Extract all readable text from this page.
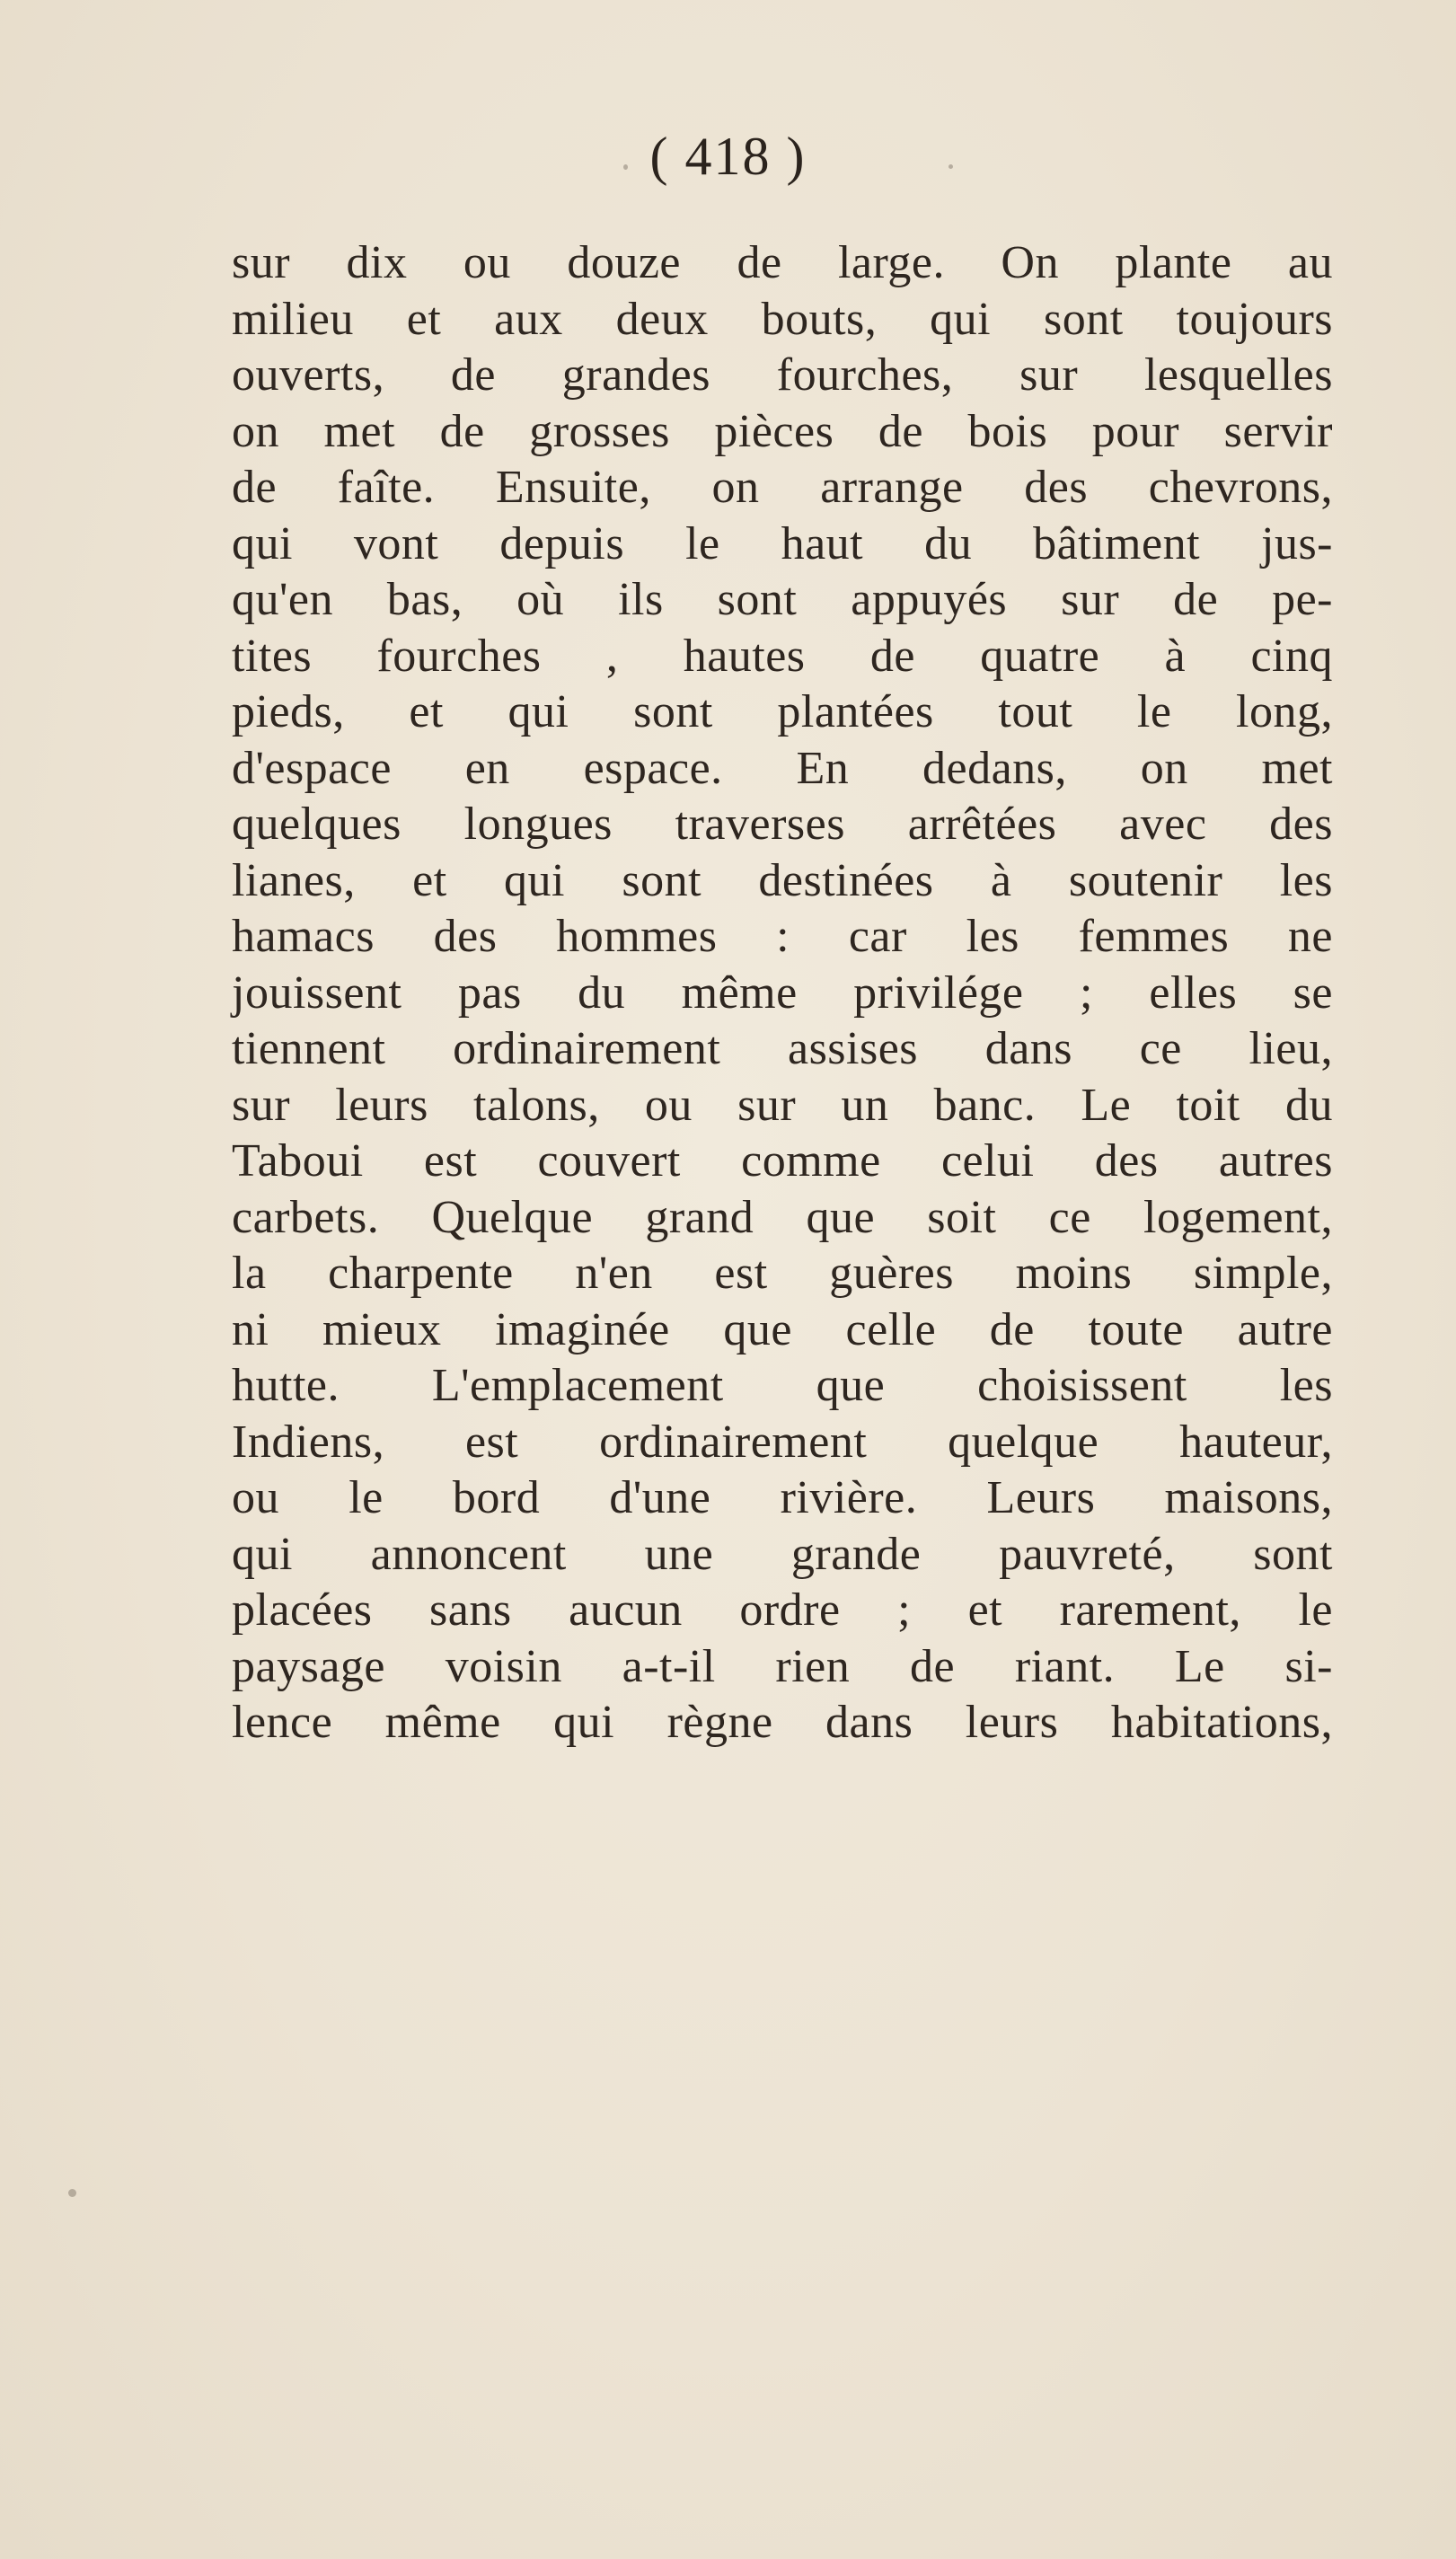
( 418 )
sur dix ou douze de large. On plante au
milieu et aux deux bouts, qui sont toujours
ouverts, de grandes fourches, sur lesquelles
on met de grosses pièces de bois pour servir
de faîte. Ensuite, on arrange des chevrons,
qui vont depuis le haut du bâtiment jus-
qu'en bas, où ils sont appuyés sur de pe-
tites fourches , hautes de quatre à cinq
pieds, et qui sont plantées tout le long,
d'espace en espace. En dedans, on met
quelques longues traverses arrêtées avec des
lianes, et qui sont destinées à soutenir les
hamacs des hommes : car les femmes ne
jouissent pas du même privilége ; elles se
tiennent ordinairement assises dans ce lieu,
sur leurs talons, ou sur un banc. Le toit du
Taboui est couvert comme celui des autres
carbets. Quelque grand que soit ce logement,
la charpente n'en est guères moins simple,
ni mieux imaginée que celle de toute autre
hutte. L'emplacement que choisissent les
Indiens, est ordinairement quelque hauteur,
ou le bord d'une rivière. Leurs maisons,
qui annoncent une grande pauvreté, sont
placées sans aucun ordre ; et rarement, le
paysage voisin a-t-il rien de riant. Le si-
lence même qui règne dans leurs habitations,
